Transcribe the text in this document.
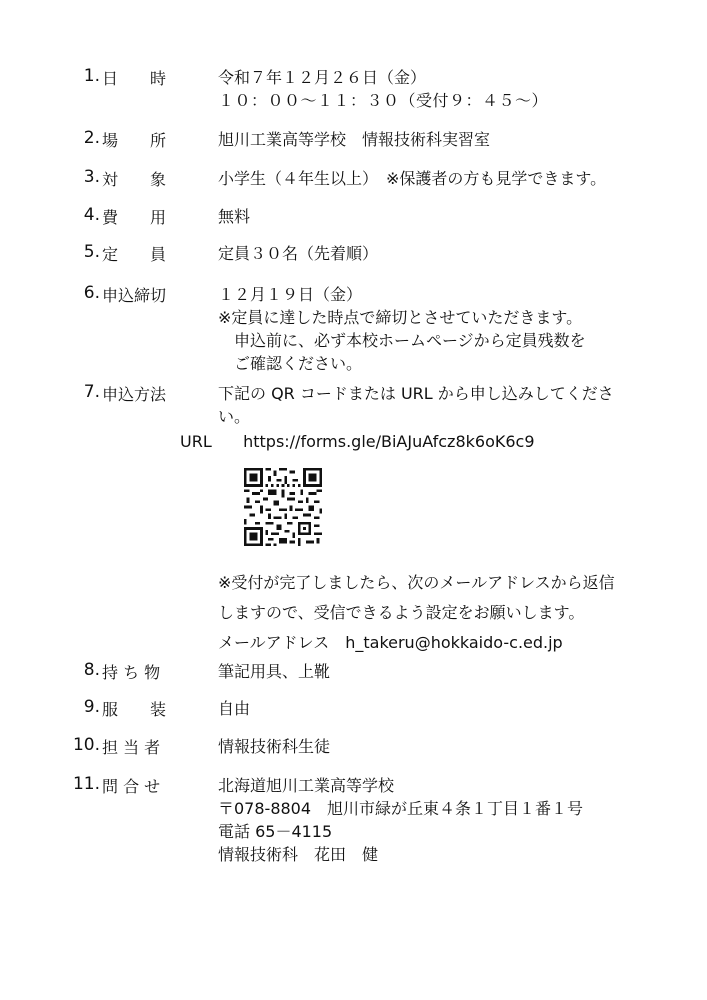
1. 日　　時	令和７年１２月２６日（金）
１０：００～１１：３０（受付９：４５～）
2. 場　　所	旭川工業高等学校　情報技術科実習室
3. 対　　象	小学生（４年生以上）　※保護者の方も見学できます。
4. 費　　用	無料
5. 定　　員	定員３０名（先着順）
6. 申込締切	１２月１９日（金）
※定員に達した時点で締切とさせていただきます。
　申込前に、必ず本校ホームページから定員残数を
　ご確認ください。
7. 申込方法	下記の QR コードまたは URL から申し込みしてくださ
い。
URL https://forms.gle/BiAJuAfcz8k6oK6c9
※受付が完了しましたら、次のメールアドレスから返信
しますので、受信できるよう設定をお願いします。
メールアドレス　 h_takeru@hokkaido-c.ed.jp
8. 持 ち 物	筆記用具、上靴
9. 服　　装	自由
10. 担 当 者	情報技術科生徒
11. 問 合 せ	北海道旭川工業高等学校
〒078-8804　旭川市緑が丘東４条１丁目１番１号
電話 65－4115
情報技術科　花田　健
